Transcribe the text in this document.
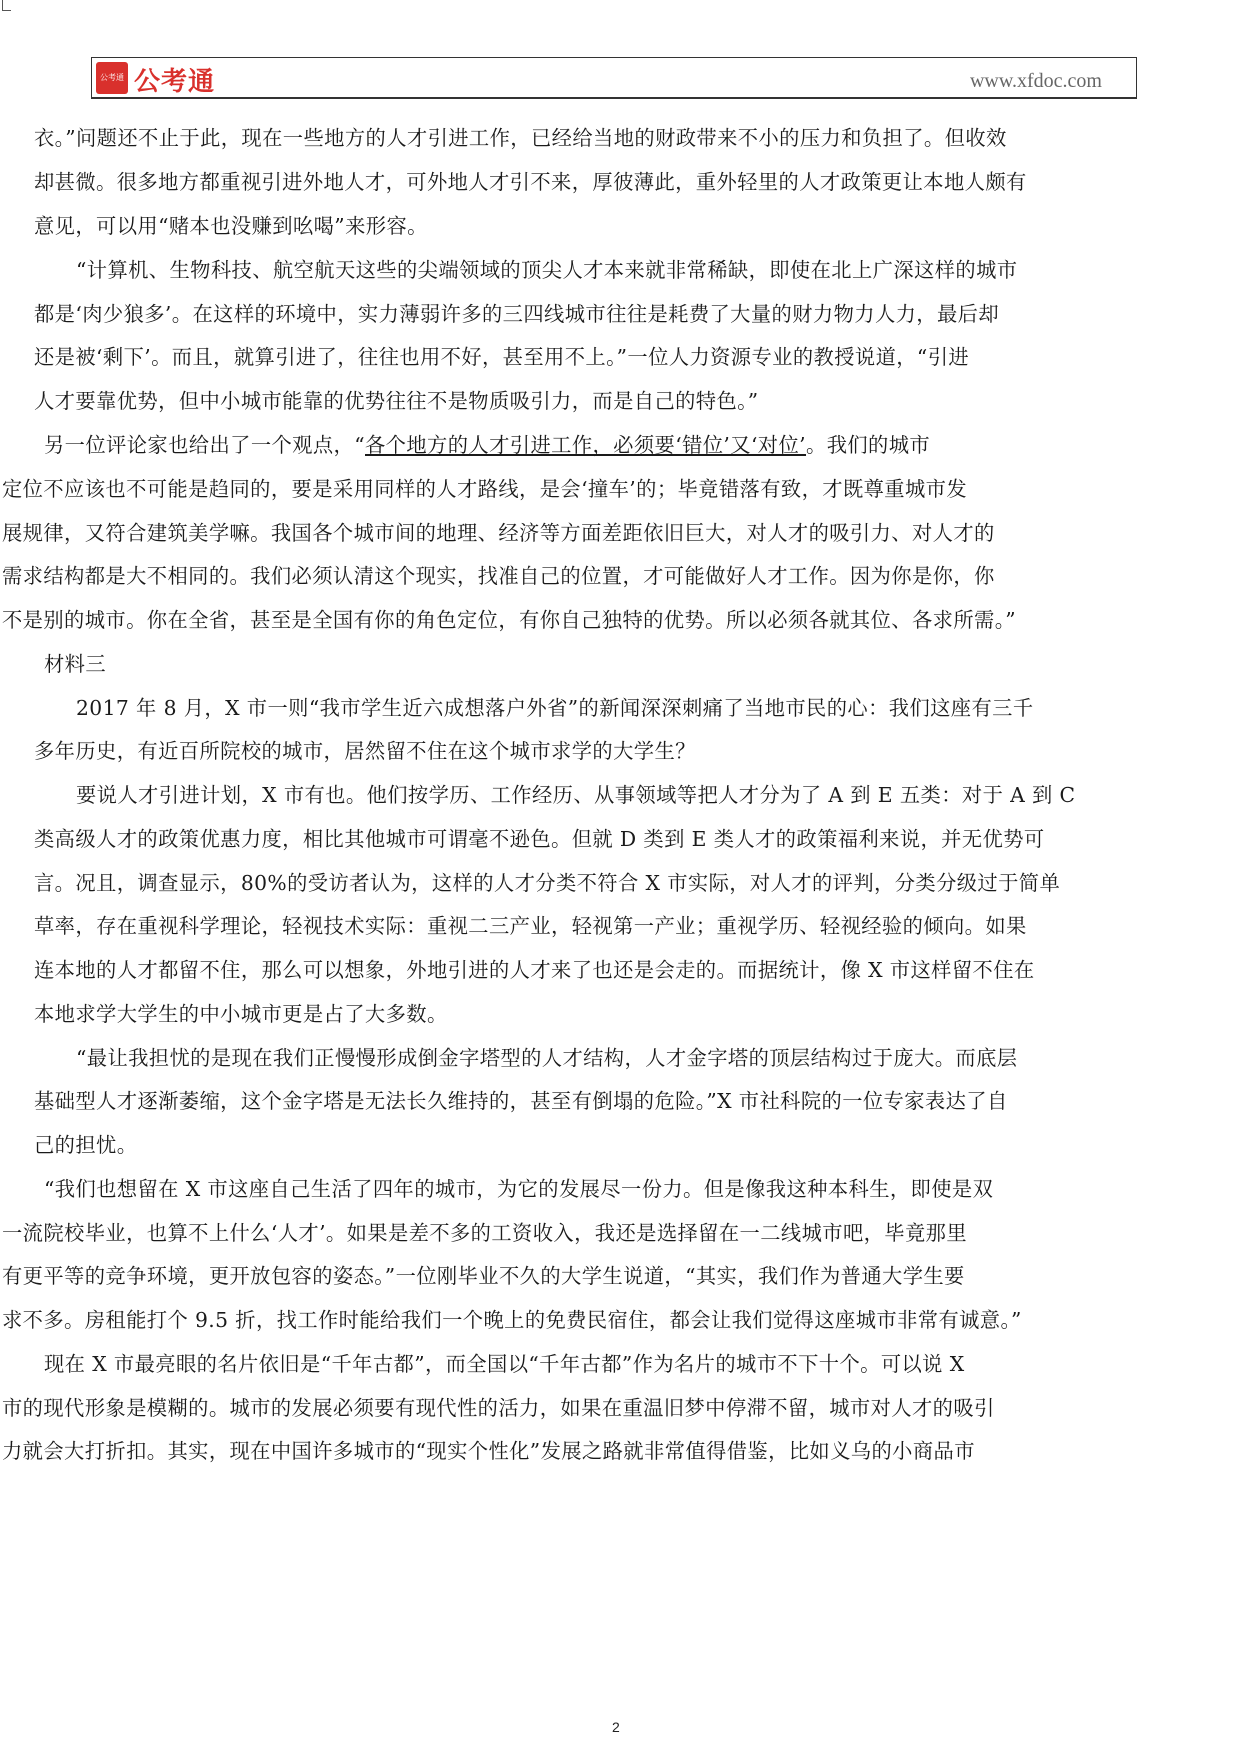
公考通 公考通	www.xfdoc.com
衣。”问题还不止于此，现在一些地方的人才引进工作，已经给当地的财政带来不小的压力和负担了。但收效
却甚微。很多地方都重视引进外地人才，可外地人才引不来，厚彼薄此，重外轻里的人才政策更让本地人颇有
意见，可以用“赌本也没赚到吆喝”来形容。
“计算机、生物科技、航空航天这些的尖端领域的顶尖人才本来就非常稀缺，即使在北上广深这样的城市
都是‘肉少狼多’。在这样的环境中，实力薄弱许多的三四线城市往往是耗费了大量的财力物力人力，最后却
还是被‘剩下’。而且，就算引进了，往往也用不好，甚至用不上。”一位人力资源专业的教授说道，“引进
人才要靠优势，但中小城市能靠的优势往往不是物质吸引力，而是自己的特色。”
另一位评论家也给出了一个观点，“各个地方的人才引进工作，必须要‘错位’又‘对位’。我们的城市
定位不应该也不可能是趋同的，要是采用同样的人才路线，是会‘撞车’的；毕竟错落有致，才既尊重城市发
展规律，又符合建筑美学嘛。我国各个城市间的地理、经济等方面差距依旧巨大，对人才的吸引力、对人才的
需求结构都是大不相同的。我们必须认清这个现实，找准自己的位置，才可能做好人才工作。因为你是你，你
不是别的城市。你在全省，甚至是全国有你的角色定位，有你自己独特的优势。所以必须各就其位、各求所需。”
材料三
2017 年 8 月，X 市一则“我市学生近六成想落户外省”的新闻深深刺痛了当地市民的心：我们这座有三千
多年历史，有近百所院校的城市，居然留不住在这个城市求学的大学生？
要说人才引进计划，X 市有也。他们按学历、工作经历、从事领域等把人才分为了 A 到 E 五类：对于 A 到 C
类高级人才的政策优惠力度，相比其他城市可谓毫不逊色。但就 D 类到 E 类人才的政策福利来说，并无优势可
言。况且，调查显示，80%的受访者认为，这样的人才分类不符合 X 市实际，对人才的评判，分类分级过于简单
草率，存在重视科学理论，轻视技术实际：重视二三产业，轻视第一产业；重视学历、轻视经验的倾向。如果
连本地的人才都留不住，那么可以想象，外地引进的人才来了也还是会走的。而据统计，像 X 市这样留不住在
本地求学大学生的中小城市更是占了大多数。
“最让我担忧的是现在我们正慢慢形成倒金字塔型的人才结构，人才金字塔的顶层结构过于庞大。而底层
基础型人才逐渐萎缩，这个金字塔是无法长久维持的，甚至有倒塌的危险。”X 市社科院的一位专家表达了自
己的担忧。
“我们也想留在 X 市这座自己生活了四年的城市，为它的发展尽一份力。但是像我这种本科生，即使是双
一流院校毕业，也算不上什么‘人才’。如果是差不多的工资收入，我还是选择留在一二线城市吧，毕竟那里
有更平等的竞争环境，更开放包容的姿态。”一位刚毕业不久的大学生说道，“其实，我们作为普通大学生要
求不多。房租能打个 9.5 折，找工作时能给我们一个晚上的免费民宿住，都会让我们觉得这座城市非常有诚意。”
现在 X 市最亮眼的名片依旧是“千年古都”，而全国以“千年古都”作为名片的城市不下十个。可以说 X
市的现代形象是模糊的。城市的发展必须要有现代性的活力，如果在重温旧梦中停滞不留，城市对人才的吸引
力就会大打折扣。其实，现在中国许多城市的“现实个性化”发展之路就非常值得借鉴，比如义乌的小商品市
2
